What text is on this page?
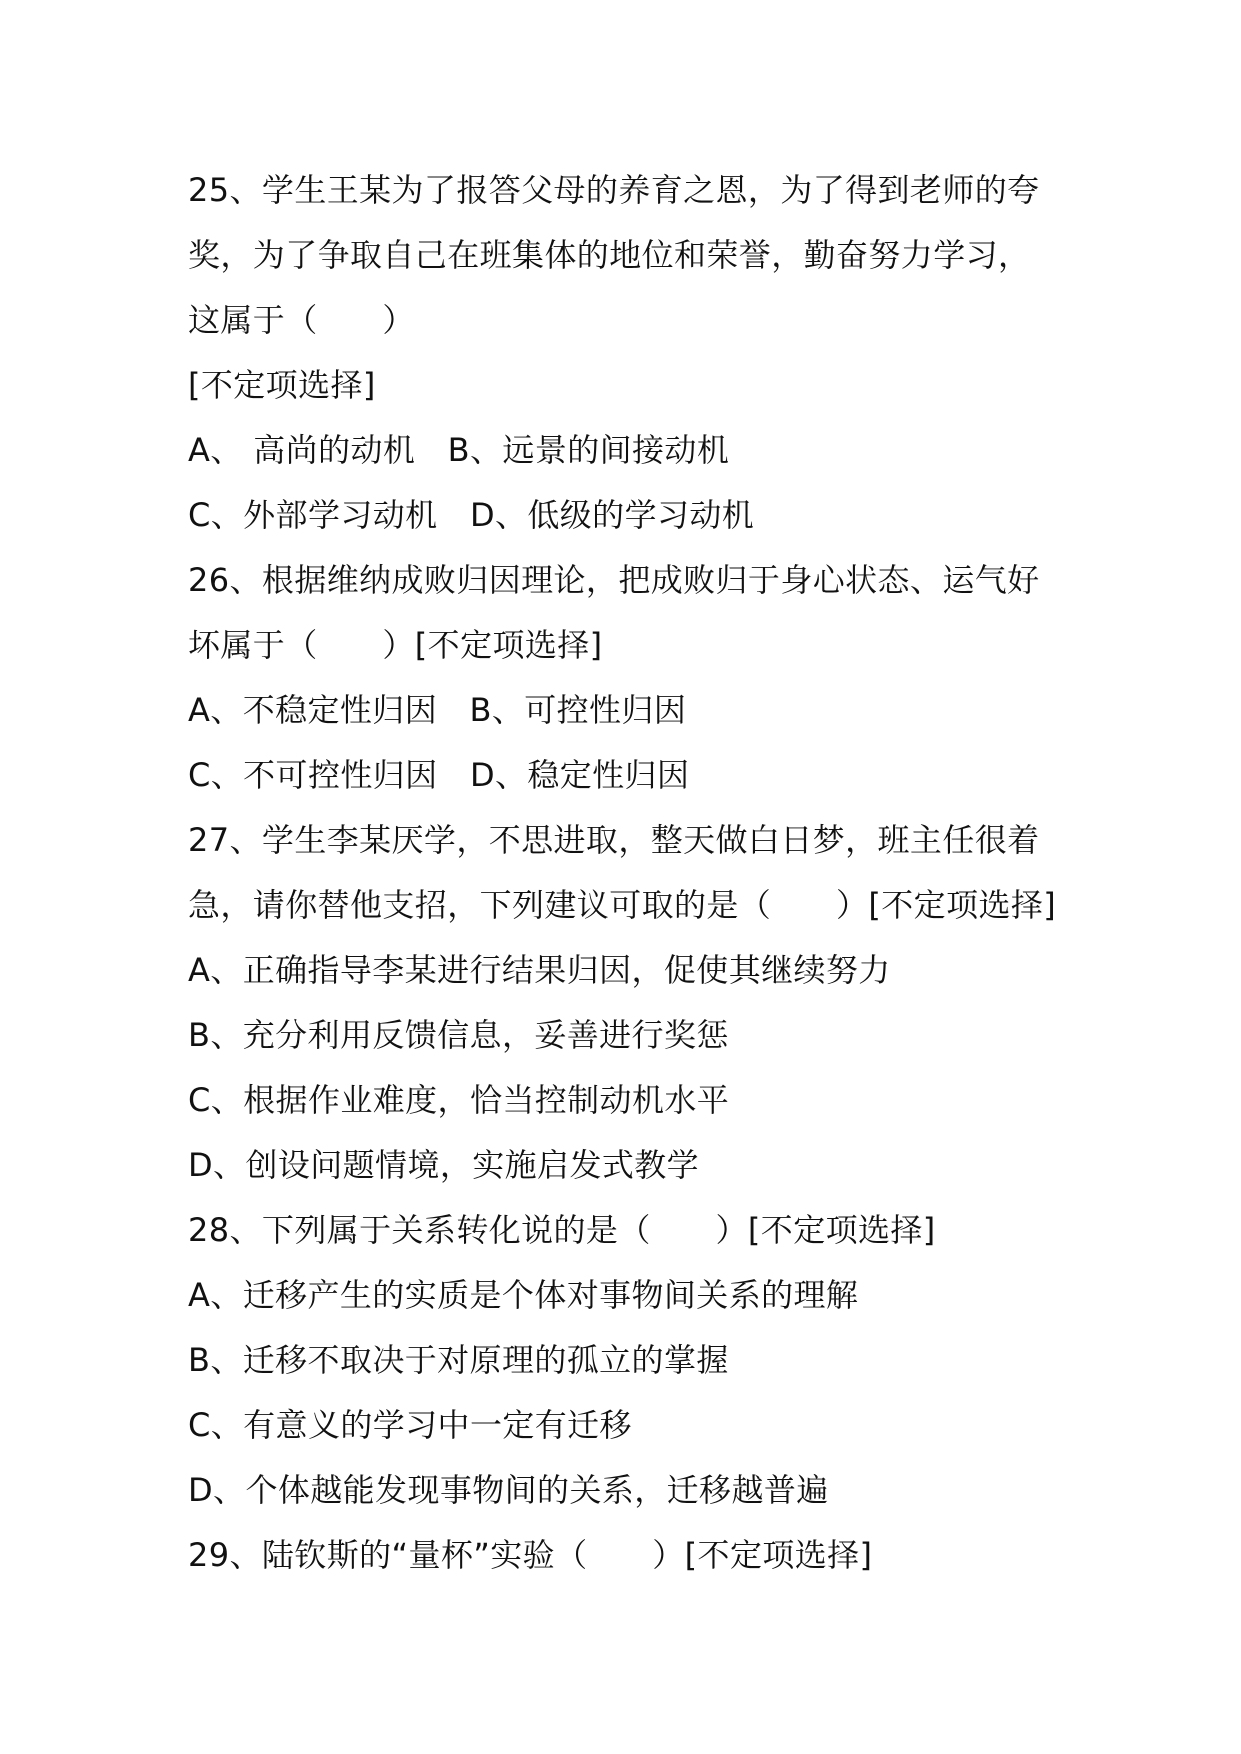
25、学生王某为了报答父母的养育之恩，为了得到老师的夸
奖，为了争取自己在班集体的地位和荣誉，勤奋努力学习，
这属于（　　）
[不定项选择]
A、 高尚的动机　B、远景的间接动机
C、外部学习动机　D、低级的学习动机
26、根据维纳成败归因理论，把成败归于身心状态、运气好
坏属于（　　）[不定项选择]
A、不稳定性归因　B、可控性归因
C、不可控性归因　D、稳定性归因
27、学生李某厌学，不思进取，整天做白日梦，班主任很着
急，请你替他支招，下列建议可取的是（　　）[不定项选择]
A、正确指导李某进行结果归因，促使其继续努力
B、充分利用反馈信息，妥善进行奖惩
C、根据作业难度，恰当控制动机水平
D、创设问题情境，实施启发式教学
28、下列属于关系转化说的是（　　）[不定项选择]
A、迁移产生的实质是个体对事物间关系的理解
B、迁移不取决于对原理的孤立的掌握
C、有意义的学习中一定有迁移
D、个体越能发现事物间的关系，迁移越普遍
29、陆钦斯的“量杯”实验（　　）[不定项选择]
